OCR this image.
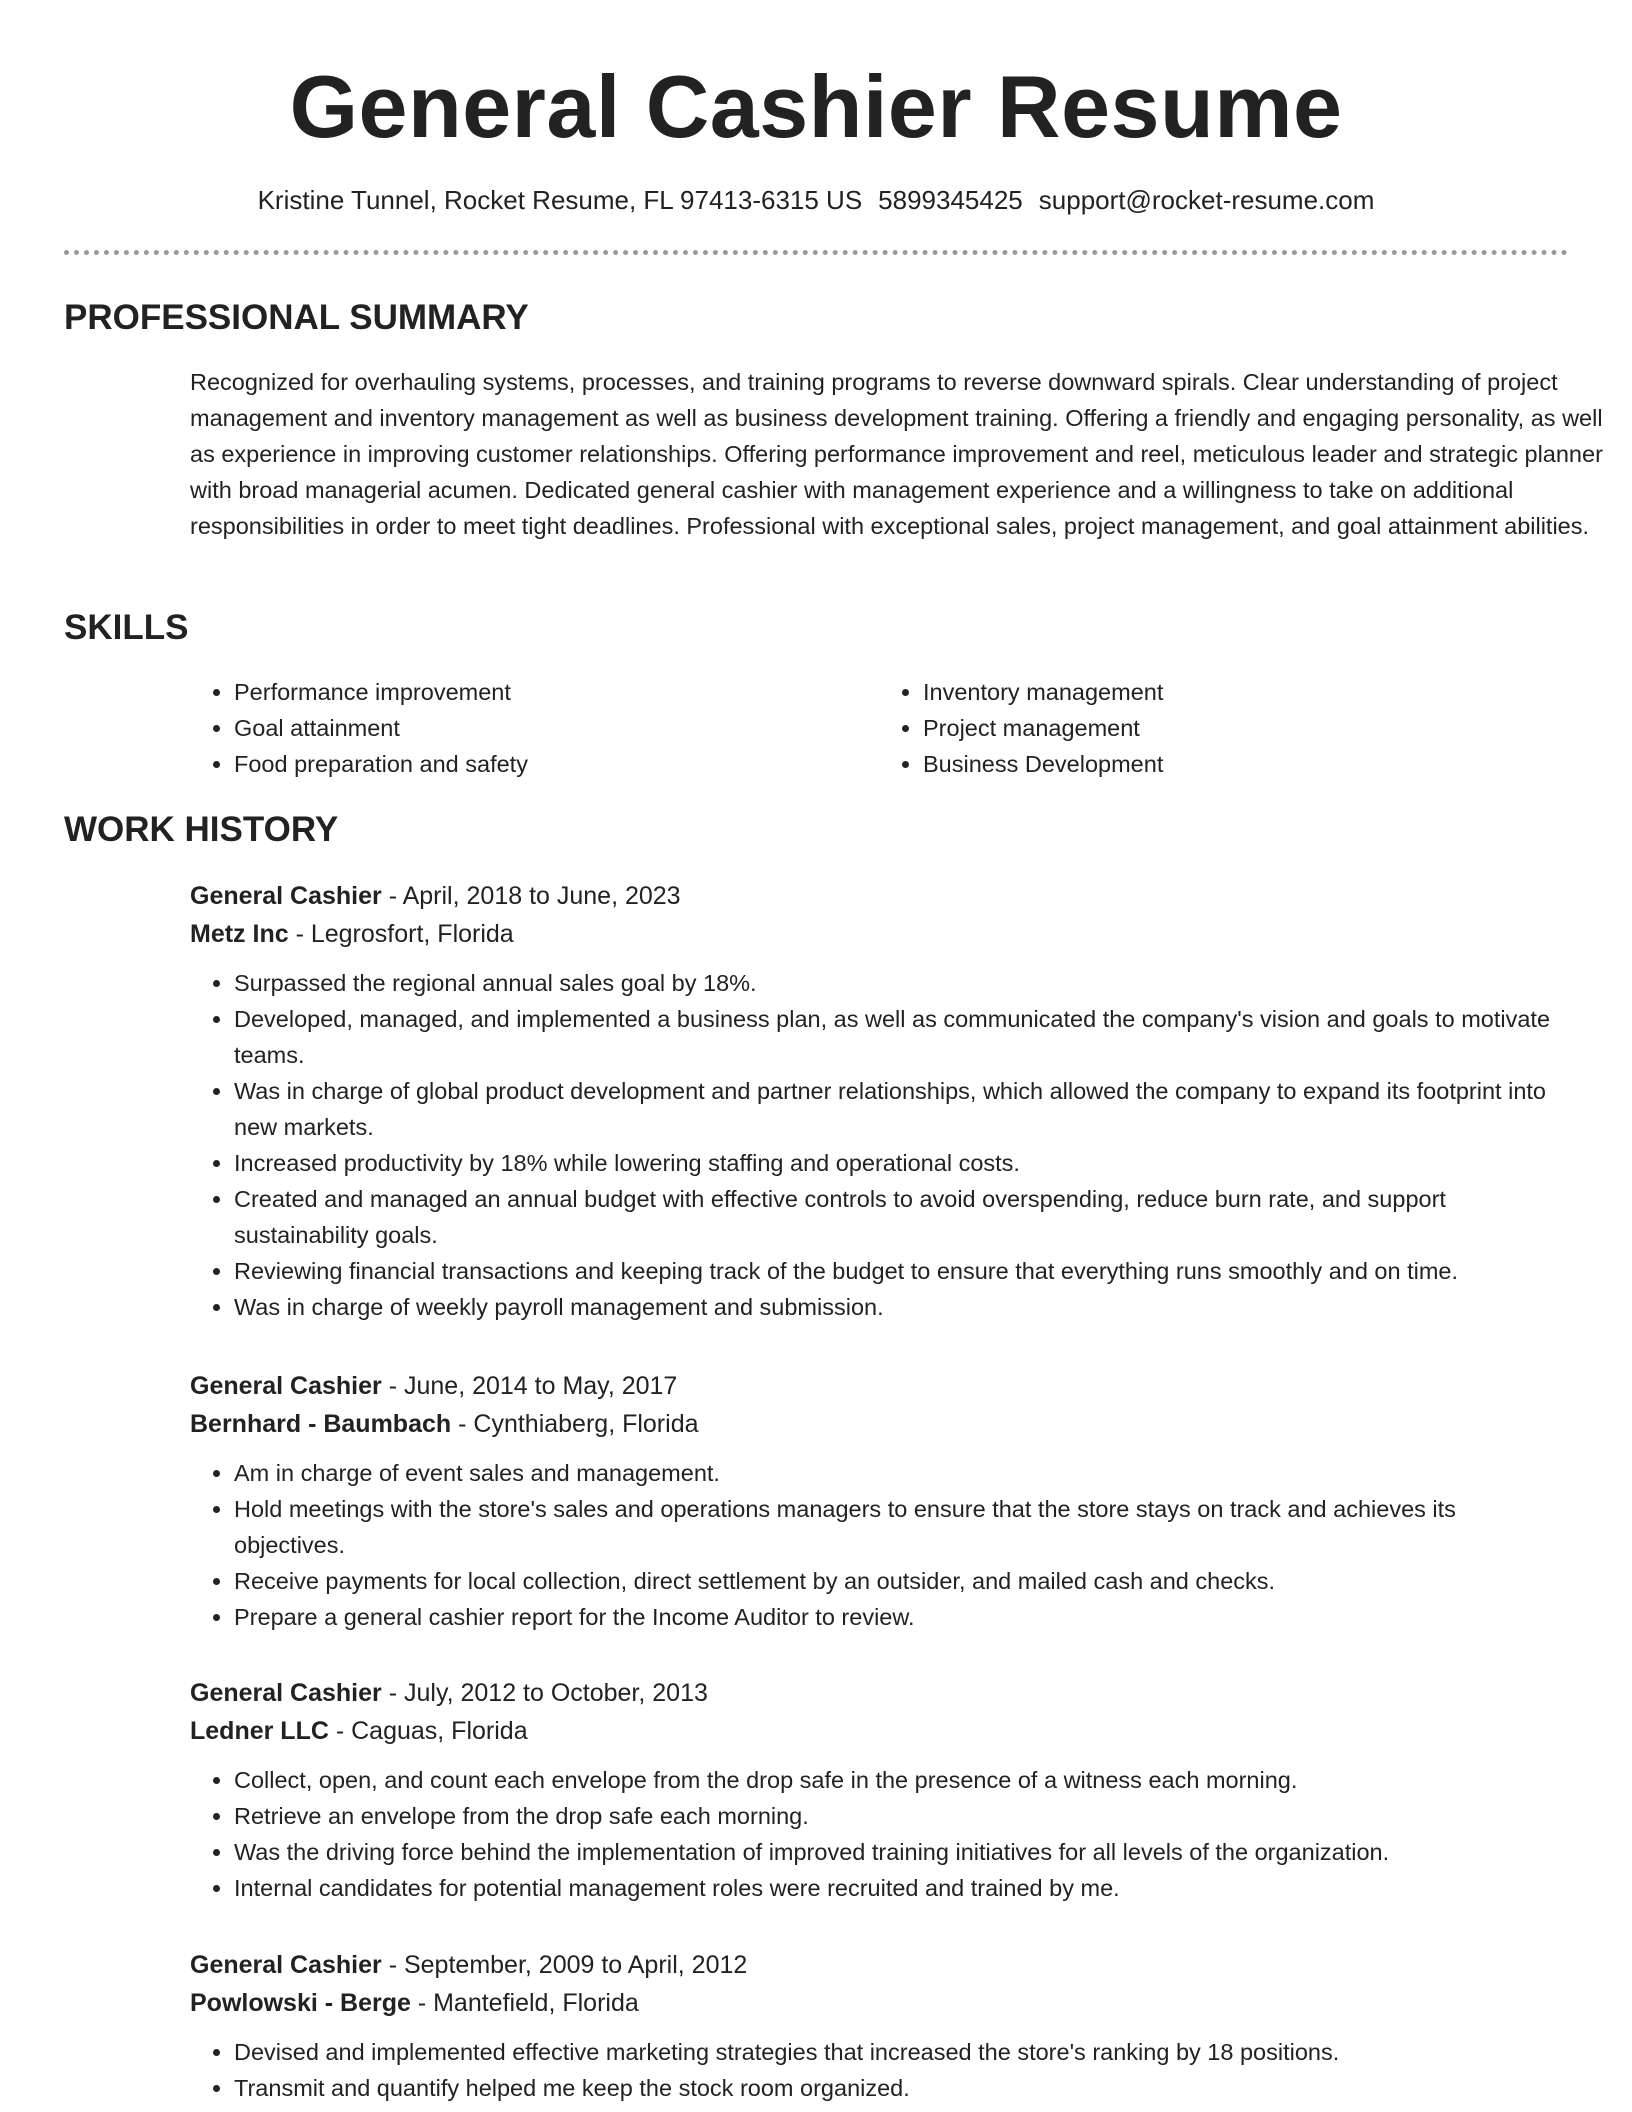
General Cashier Resume
Kristine Tunnel, Rocket Resume, FL 97413-6315 US 5899345425 support@rocket-resume.com
PROFESSIONAL SUMMARY

Recognized for overhauling systems, processes, and training programs to reverse downward spirals. Clear understanding of project management and inventory management as well as business development training. Offering a friendly and engaging personality, as well as experience in improving customer relationships. Offering performance improvement and reel, meticulous leader and strategic planner with broad managerial acumen. Dedicated general cashier with management experience and a willingness to take on additional responsibilities in order to meet tight deadlines. Professional with exceptional sales, project management, and goal attainment abilities.

SKILLS
• Performance improvement
• Goal attainment
• Food preparation and safety
• Inventory management
• Project management
• Business Development
WORK HISTORY

General Cashier - April, 2018 to June, 2023

Metz Inc - Legrosfort, Florida

• Surpassed the regional annual sales goal by 18%.
• Developed, managed, and implemented a business plan, as well as communicated the company's vision and goals to motivate teams.
• Was in charge of global product development and partner relationships, which allowed the company to expand its footprint into new markets.
• Increased productivity by 18% while lowering staffing and operational costs.
• Created and managed an annual budget with effective controls to avoid overspending, reduce burn rate, and support sustainability goals.
• Reviewing financial transactions and keeping track of the budget to ensure that everything runs smoothly and on time.
• Was in charge of weekly payroll management and submission.

General Cashier - June, 2014 to May, 2017

Bernhard - Baumbach - Cynthiaberg, Florida

• Am in charge of event sales and management.
• Hold meetings with the store's sales and operations managers to ensure that the store stays on track and achieves its objectives.
• Receive payments for local collection, direct settlement by an outsider, and mailed cash and checks.
• Prepare a general cashier report for the Income Auditor to review.

General Cashier - July, 2012 to October, 2013

Ledner LLC - Caguas, Florida

• Collect, open, and count each envelope from the drop safe in the presence of a witness each morning.
• Retrieve an envelope from the drop safe each morning.
• Was the driving force behind the implementation of improved training initiatives for all levels of the organization.
• Internal candidates for potential management roles were recruited and trained by me.

General Cashier - September, 2009 to April, 2012

Powlowski - Berge - Mantefield, Florida

• Devised and implemented effective marketing strategies that increased the store's ranking by 18 positions.
• Transmit and quantify helped me keep the stock room organized.
